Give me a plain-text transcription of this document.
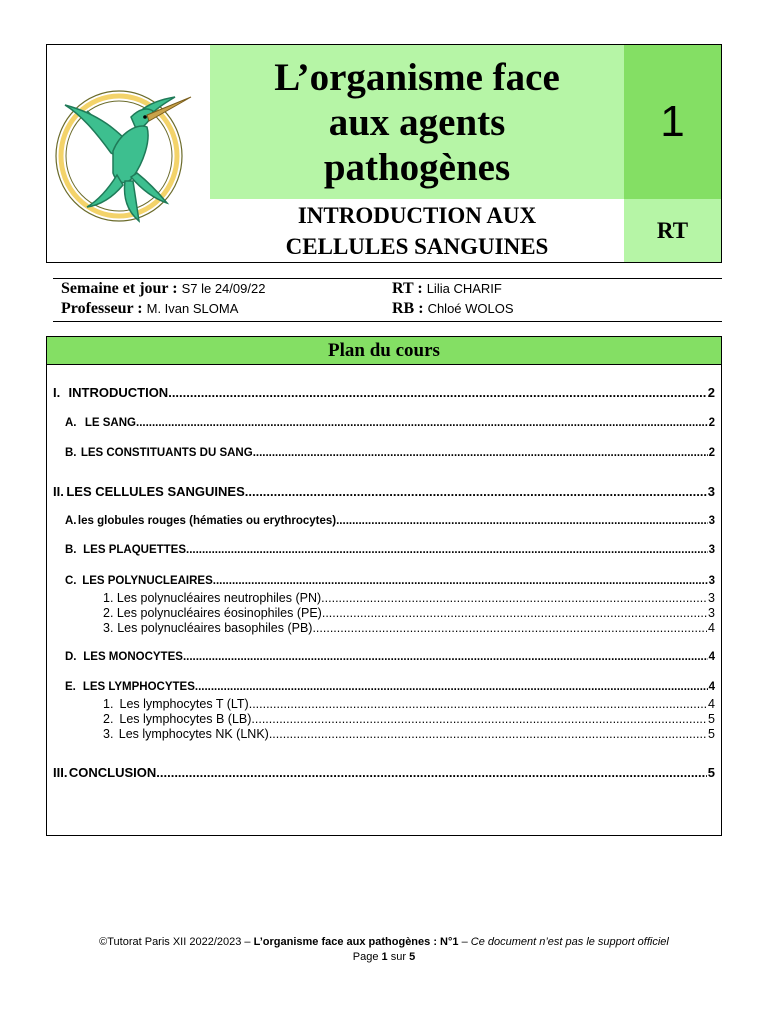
L’organisme face
aux agents
pathogènes
1
INTRODUCTION AUX
CELLULES SANGUINES
RT
Semaine et jour : S7 le 24/09/22
Professeur : M. Ivan SLOMA
RT : Lilia CHARIF
RB : Chloé WOLOS
Plan du cours
I. INTRODUCTION .....	2
A. LE SANG .....	2
B. LES CONSTITUANTS DU SANG .....	2
II. LES CELLULES SANGUINES .....	3
A. les globules rouges (hématies ou erythrocytes) .....	3
B. LES PLAQUETTES .....	3
C. LES POLYNUCLEAIRES .....	3
1. Les polynucléaires neutrophiles (PN) .....	3
2. Les polynucléaires éosinophiles (PE) .....	3
3. Les polynucléaires basophiles (PB) .....	4
D. LES MONOCYTES .....	4
E. LES LYMPHOCYTES .....	4
1. Les lymphocytes T (LT) .....	4
2. Les lymphocytes B (LB) .....	5
3. Les lymphocytes NK (LNK) .....	5
III. CONCLUSION .....	5
©Tutorat Paris XII 2022/2023 – L’organisme face aux pathogènes : N°1 – Ce document n’est pas le support officiel
Page 1 sur 5
